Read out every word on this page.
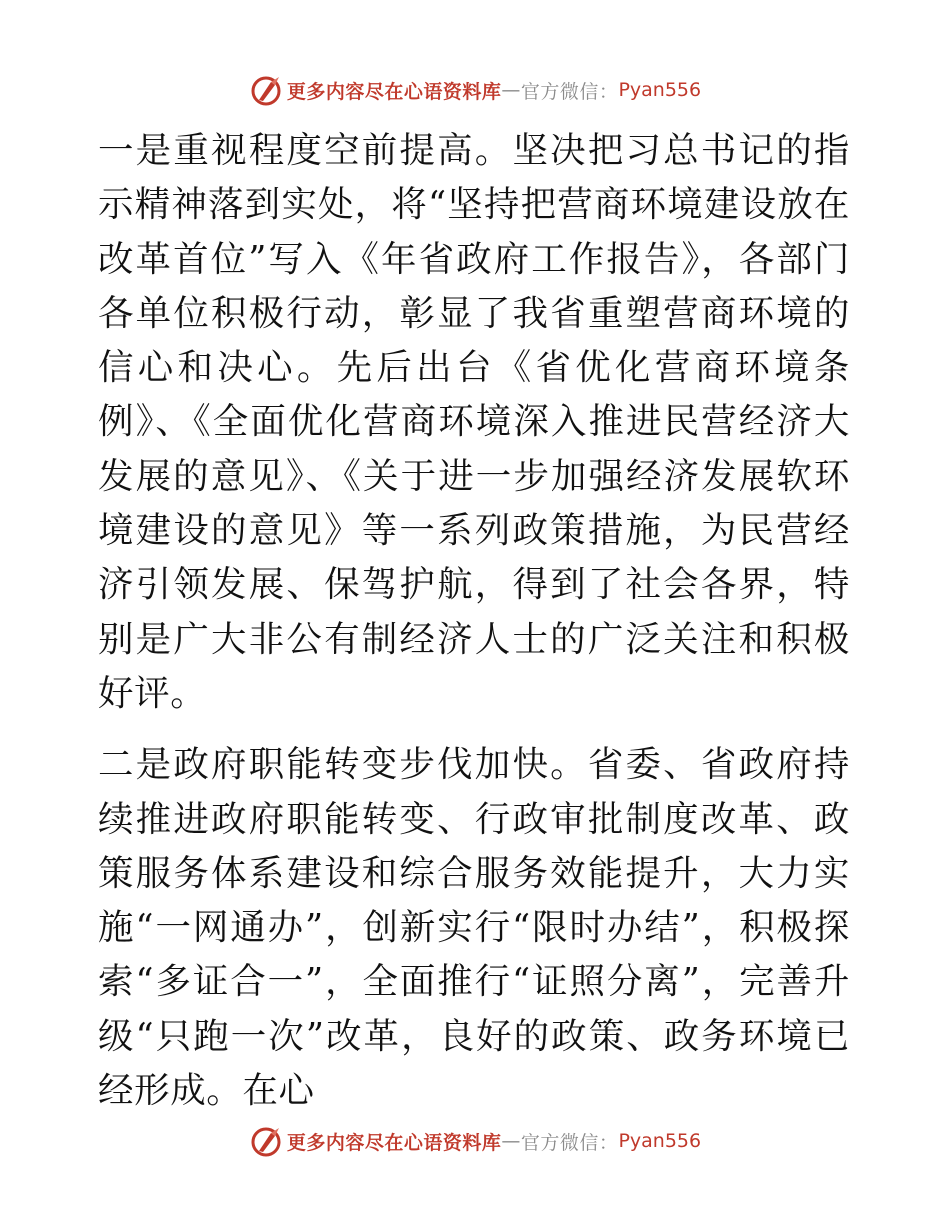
更多内容尽在心语资料库 — 官方微信： Pyan556

一是重视程度空前提高。坚决把习总书记的指示精神落到实处，将“坚持把营商环境建设放在改革首位”写入《年省政府工作报告》，各部门各单位积极行动，彰显了我省重塑营商环境的信心和决心。先后出台《省优化营商环境条例》、《全面优化营商环境深入推进民营经济大发展的意见》、《关于进一步加强经济发展软环境建设的意见》等一系列政策措施，为民营经济引领发展、保驾护航，得到了社会各界，特别是广大非公有制经济人士的广泛关注和积极好评。

二是政府职能转变步伐加快。省委、省政府持续推进政府职能转变、行政审批制度改革、政策服务体系建设和综合服务效能提升，大力实施“一网通办”，创新实行“限时办结”，积极探索“多证合一”，全面推行“证照分离”，完善升级“只跑一次”改革，良好的政策、政务环境已经形成。在心

更多内容尽在心语资料库 — 官方微信： Pyan556
